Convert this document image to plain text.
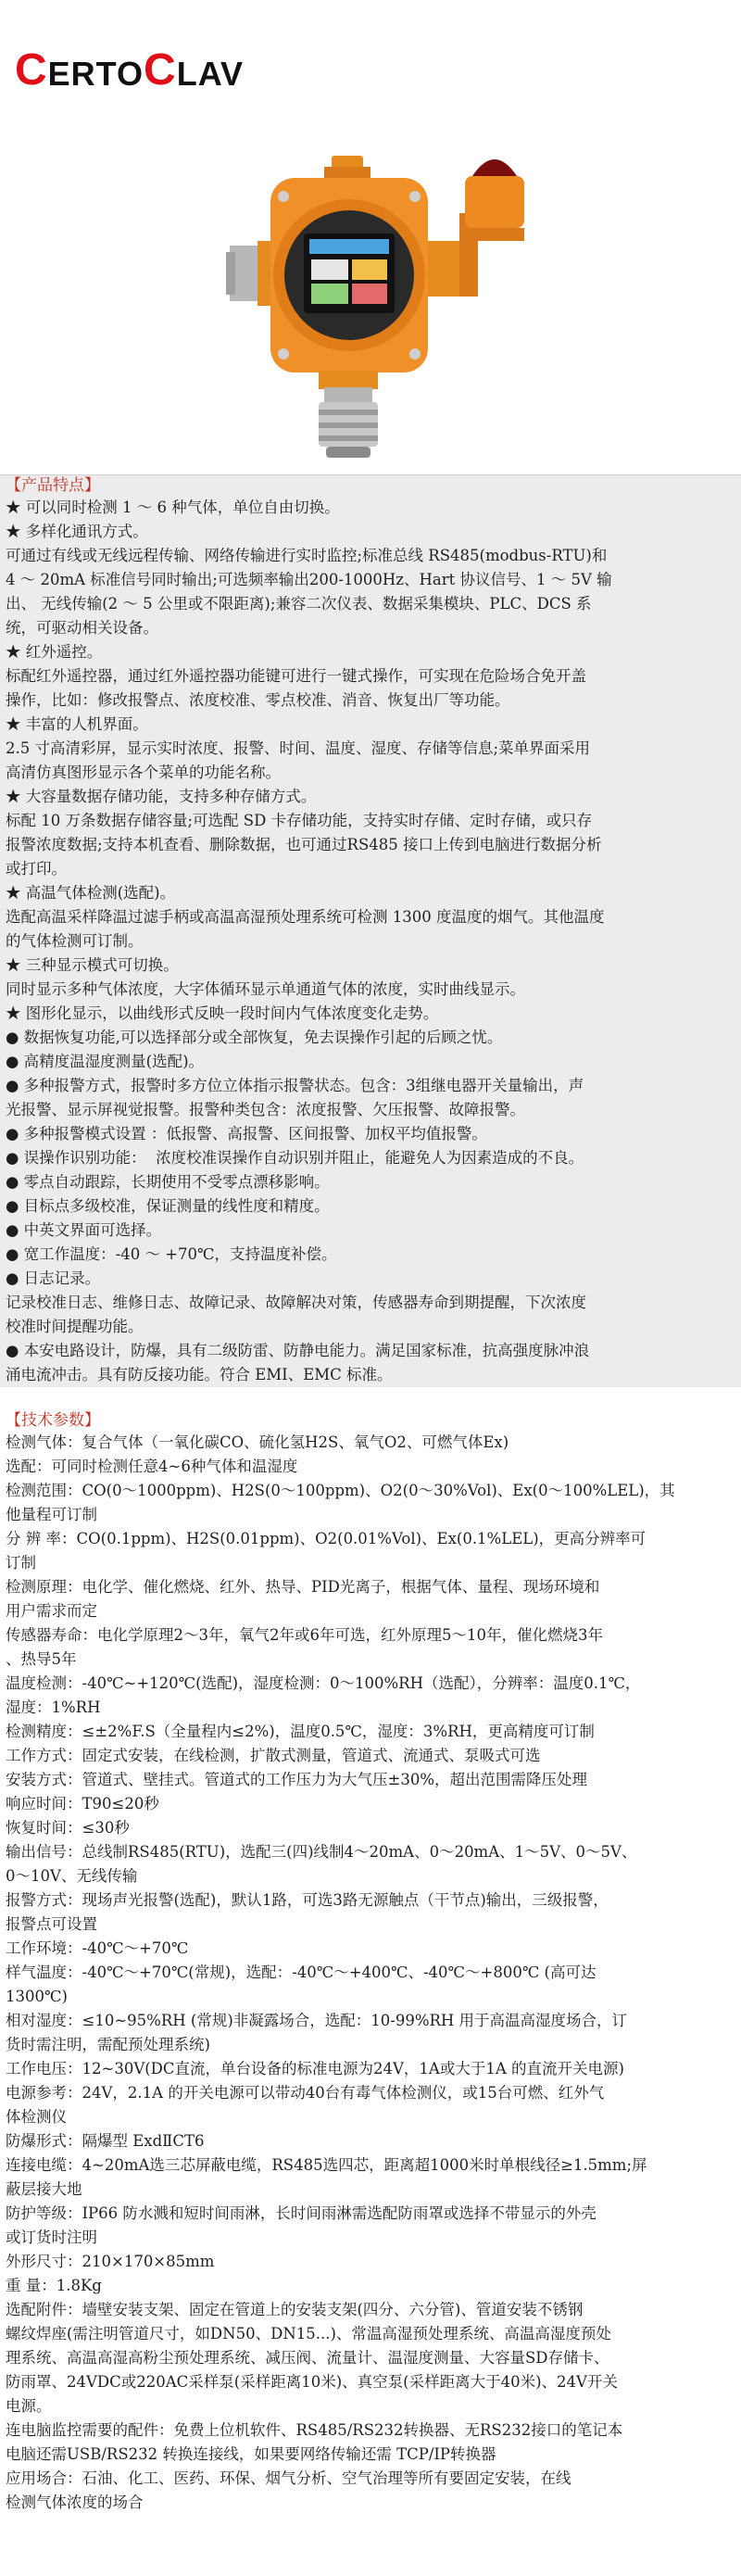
C ERTO C LAV
【产品特点】
★ 可以同时检测 1 ～ 6 种气体，单位自由切换。
★ 多样化通讯方式。
可通过有线或无线远程传输、网络传输进行实时监控;标准总线 RS485(modbus-RTU)和
4 ～ 20mA 标准信号同时输出;可选频率输出200-1000Hz、Hart 协议信号、1 ～ 5V 输
出、 无线传输(2 ～ 5 公里或不限距离);兼容二次仪表、数据采集模块、PLC、DCS 系
统，可驱动相关设备。
★ 红外遥控。
标配红外遥控器，通过红外遥控器功能键可进行一键式操作，可实现在危险场合免开盖
操作，比如：修改报警点、浓度校准、零点校准、消音、恢复出厂等功能。
★ 丰富的人机界面。
2.5 寸高清彩屏，显示实时浓度、报警、时间、温度、湿度、存储等信息;菜单界面采用
高清仿真图形显示各个菜单的功能名称。
★ 大容量数据存储功能，支持多种存储方式。
标配 10 万条数据存储容量;可选配 SD 卡存储功能，支持实时存储、定时存储，或只存
报警浓度数据;支持本机查看、删除数据，也可通过RS485 接口上传到电脑进行数据分析
或打印。
★ 高温气体检测(选配)。
选配高温采样降温过滤手柄或高温高湿预处理系统可检测 1300 度温度的烟气。其他温度
的气体检测可订制。
★ 三种显示模式可切换。
同时显示多种气体浓度，大字体循环显示单通道气体的浓度，实时曲线显示。
★ 图形化显示，以曲线形式反映一段时间内气体浓度变化走势。
● 数据恢复功能,可以选择部分或全部恢复，免去误操作引起的后顾之忧。
● 高精度温湿度测量(选配)。
● 多种报警方式，报警时多方位立体指示报警状态。包含：3组继电器开关量输出，声
光报警、显示屏视觉报警。报警种类包含：浓度报警、欠压报警、故障报警。
● 多种报警模式设置 ：低报警、高报警、区间报警、加权平均值报警。
● 误操作识别功能：  浓度校准误操作自动识别并阻止，能避免人为因素造成的不良。
● 零点自动跟踪，长期使用不受零点漂移影响。
● 目标点多级校准，保证测量的线性度和精度。
● 中英文界面可选择。
● 宽工作温度：-40 ～ +70℃，支持温度补偿。
● 日志记录。
记录校准日志、维修日志、故障记录、故障解决对策，传感器寿命到期提醒，下次浓度
校准时间提醒功能。
● 本安电路设计，防爆，具有二级防雷、防静电能力。满足国家标准，抗高强度脉冲浪
涌电流冲击。具有防反接功能。符合 EMI、EMC 标准。
【技术参数】
检测气体：复合气体（一氧化碳CO、硫化氢H2S、氧气O2、可燃气体Ex)
选配：可同时检测任意4~6种气体和温湿度
检测范围：CO(0～1000ppm)、H2S(0～100ppm)、O2(0～30%Vol)、Ex(0～100%LEL)，其
他量程可订制
分 辨 率：CO(0.1ppm)、H2S(0.01ppm)、O2(0.01%Vol)、Ex(0.1%LEL)，更高分辨率可
订制
检测原理：电化学、催化燃烧、红外、热导、PID光离子，根据气体、量程、现场环境和
用户需求而定
传感器寿命：电化学原理2～3年，氧气2年或6年可选，红外原理5～10年，催化燃烧3年
、热导5年
温度检测：-40℃~+120℃(选配)，湿度检测：0～100%RH（选配），分辨率：温度0.1℃，
湿度：1%RH
检测精度：≤±2%F.S（全量程内≤2%)，温度0.5℃，湿度：3%RH，更高精度可订制
工作方式：固定式安装，在线检测，扩散式测量，管道式、流通式、泵吸式可选
安装方式：管道式、壁挂式。管道式的工作压力为大气压±30%，超出范围需降压处理
响应时间：T90≤20秒
恢复时间：≤30秒
输出信号：总线制RS485(RTU)，选配三(四)线制4～20mA、0～20mA、1～5V、0～5V、
0～10V、无线传输
报警方式：现场声光报警(选配)，默认1路，可选3路无源触点（干节点)输出，三级报警，
报警点可设置
工作环境：-40℃～+70℃
样气温度：-40℃～+70℃(常规)，选配：-40℃～+400℃、-40℃～+800℃ (高可达
1300℃)
相对湿度：≤10~95%RH (常规)非凝露场合，选配：10-99%RH 用于高温高湿度场合，订
货时需注明，需配预处理系统)
工作电压：12~30V(DC直流，单台设备的标准电源为24V，1A或大于1A 的直流开关电源)
电源参考：24V，2.1A 的开关电源可以带动40台有毒气体检测仪，或15台可燃、红外气
体检测仪
防爆形式：隔爆型 ExdⅡCT6
连接电缆：4~20mA选三芯屏蔽电缆，RS485选四芯，距离超1000米时单根线径≥1.5mm;屏
蔽层接大地
防护等级：IP66 防水溅和短时间雨淋，长时间雨淋需选配防雨罩或选择不带显示的外壳
或订货时注明
外形尺寸：210×170×85mm
重 量：1.8Kg
选配附件：墙壁安装支架、固定在管道上的安装支架(四分、六分管)、管道安装不锈钢
螺纹焊座(需注明管道尺寸，如DN50、DN15...)、常温高湿预处理系统、高温高湿度预处
理系统、高温高湿高粉尘预处理系统、减压阀、流量计、温湿度测量、大容量SD存储卡、
防雨罩、24VDC或220AC采样泵(采样距离10米)、真空泵(采样距离大于40米)、24V开关
电源。
连电脑监控需要的配件：免费上位机软件、RS485/RS232转换器、无RS232接口的笔记本
电脑还需USB/RS232 转换连接线，如果要网络传输还需 TCP/IP转换器
应用场合：石油、化工、医药、环保、烟气分析、空气治理等所有要固定安装，在线
检测气体浓度的场合
